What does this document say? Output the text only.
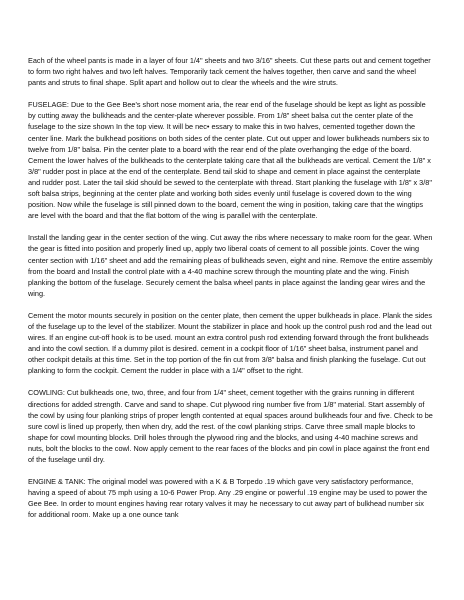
Each of the wheel pants is made in a layer of four 1/4" sheets and two 3/16" sheets. Cut these parts out and cement together to form two right halves and two left halves. Temporarily tack cement the halves together, then carve and sand the wheel pants and struts to final shape. Split apart and hollow out to clear the wheels and the wire struts.

FUSELAGE: Due to the Gee Bee's short nose moment aria, the rear end of the fuselage should be kept as light as possible by cutting away the bulkheads and the center-plate wherever possible. From 1/8" sheet balsa cut the center plate of the fuselage to the size shown In the top view. It will be nec• essary to make this in two halves, cemented together down the center line. Mark the bulkhead positions on both sides of the center plate. Cut out upper and lower bulkheads numbers six to twelve from 1/8" balsa. Pin the center plate to a board with the rear end of the plate overhanging the edge of the board. Cement the lower halves of the bulkheads to the centerplate taking care that all the bulkheads are vertical. Cement the 1/8" x 3/8" rudder post in place at the end of the centerplate. Bend tail skid to shape and cement in place against the centerplate and rudder post. Later the tail skid should be sewed to the centerplate with thread. Start planking the fuselage with 1/8" x 3/8" soft balsa strips, beginning at the center plate and working both sides evenly until fuselage is covered down to the wing position. Now while the fuselage is still pinned down to the board, cement the wing in position, taking care that the wingtips are level with the board and that the flat bottom of the wing is parallel with the centerplate.

Install the landing gear in the center section of the wing. Cut away the ribs where necessary to make room for the gear. When the gear is fitted into position and properly lined up, apply two liberal coats of cement to all possible joints. Cover the wing center section with 1/16" sheet and add the remaining pleas of bulkheads seven, eight and nine. Remove the entire assembly from the board and Install the control plate with a 4-40 machine screw through the mounting plate and the wing. Finish planking the bottom of the fuselage. Securely cement the balsa wheel pants in place against the landing gear wires and the wing.

Cement the motor mounts securely in position on the center plate, then cement the upper bulkheads in place. Plank the sides of the fuselage up to the level of the stabilizer. Mount the stabilizer in place and hook up the control push rod and the lead out wires. If an engine cut-off hook is to be used. mount an extra control push rod extending forward through the front bulkheads and into the cowl section. If a dummy pilot is desired. cement in a cockpit floor of 1/16" sheet balsa, instrument panel and other cockpit details at this time. Set in the top portion of the fin cut from 3/8" balsa and finish planking the fuselage. Cut out planking to form the cockpit. Cement the rudder in place with a 1/4" offset to the right.

COWLING: Cut bulkheads one, two, three, and four from 1/4" sheet, cement together with the grains running in different directions for added strength. Carve and sand to shape. Cut plywood ring number five from 1/8" material. Start assembly of the cowl by using four planking strips of proper length contented at equal spaces around bulkheads four and five. Check to be sure cowl is lined up properly, then when dry, add the rest. of the cowl planking strips. Carve three small maple blocks to shape for cowl mounting blocks. Drill holes through the plywood ring and the blocks, and using 4-40 machine screws and nuts, bolt the blocks to the cowl. Now apply cement to the rear faces of the blocks and pin cowl in place against the front end of the fuselage until dry.

ENGINE & TANK: The original model was powered with a K & B Torpedo .19 which gave very satisfactory performance, having a speed of about 75 mph using a 10-6 Power Prop. Any .29 engine or powerful .19 engine may be used to power the Gee Bee. In order to mount engines having rear rotary valves it may he necessary to cut away part of bulkhead number six for additional room. Make up a one ounce tank
